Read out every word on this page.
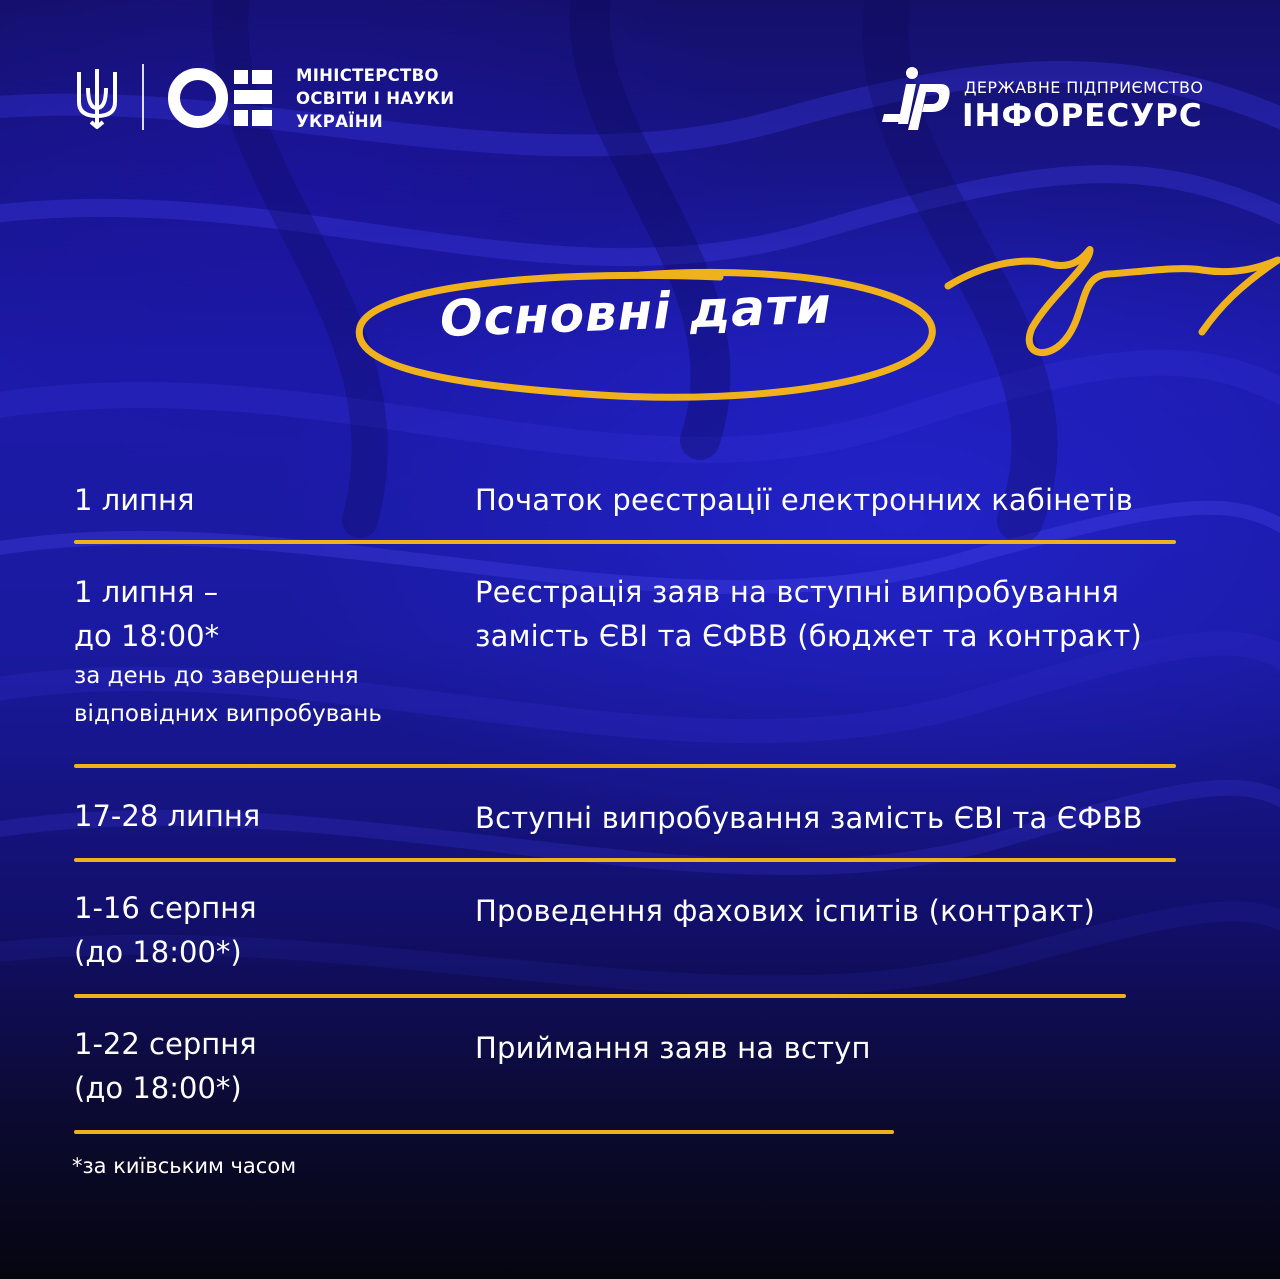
МІНІСТЕРСТВО
ОСВІТИ І НАУКИ
УКРАЇНИ
ДЕРЖАВНЕ ПІДПРИЄМСТВО
ІНФОРЕСУРС
Основні дати
1 липня	Початок реєстрації електронних кабінетів
1 липня –
до 18:00*
за день до завершення
відповідних випробувань
Реєстрація заяв на вступні випробування
замість ЄВІ та ЄФВВ (бюджет та контракт)
17-28 липня	Вступні випробування замість ЄВІ та ЄФВВ
1-16 серпня
(до 18:00*)
Проведення фахових іспитів (контракт)
1-22 серпня
(до 18:00*)
Приймання заяв на вступ
*за київським часом
